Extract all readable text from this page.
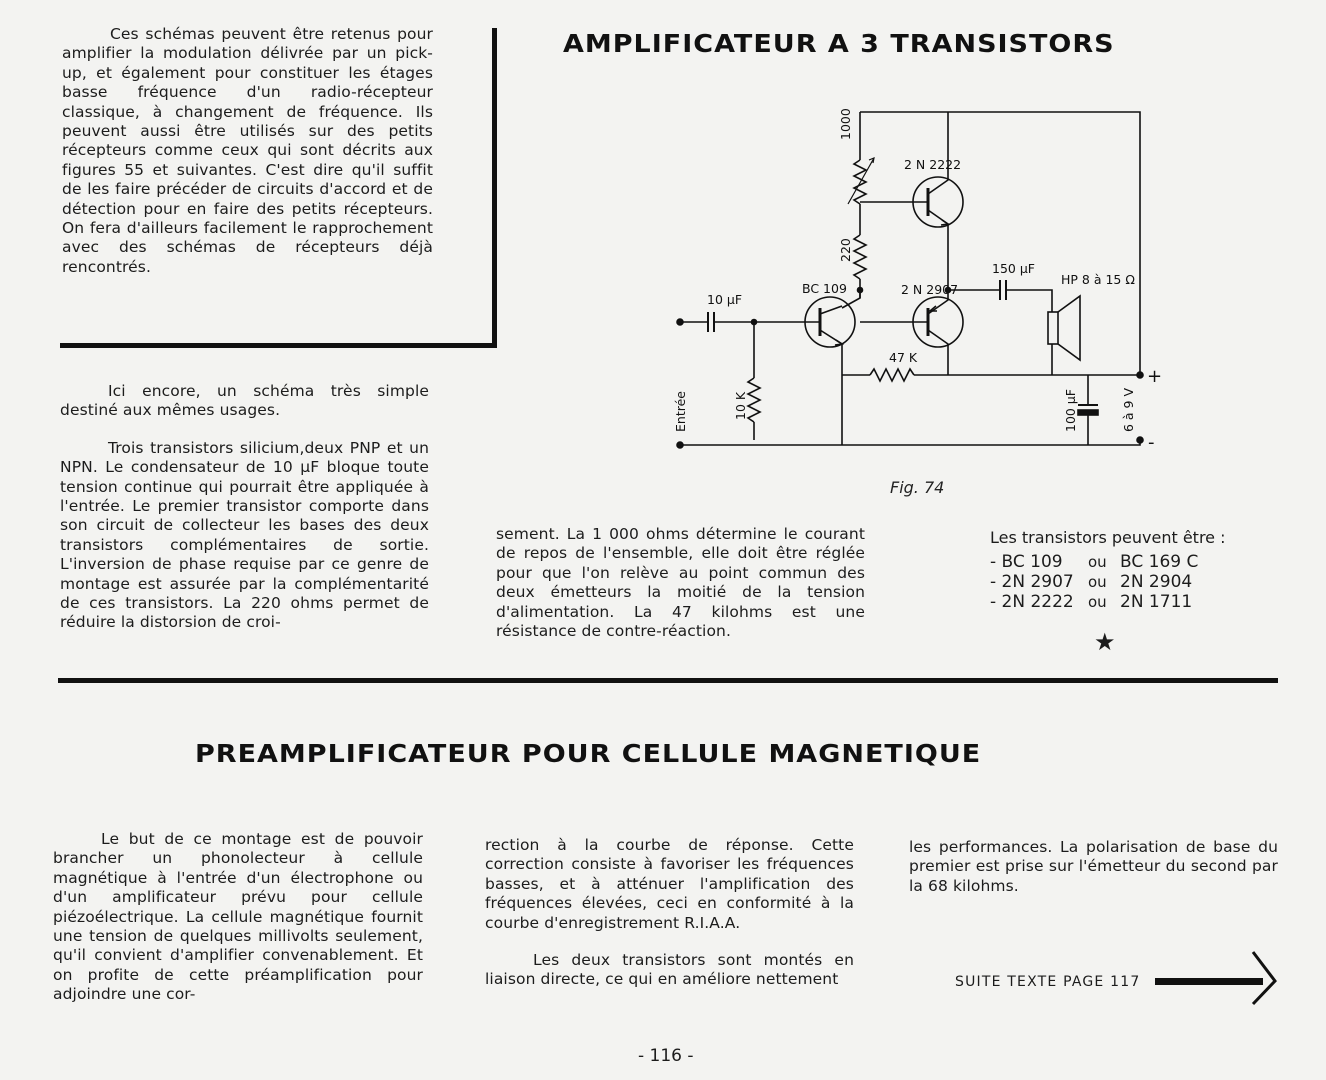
Ces schémas peuvent être retenus pour amplifier la modulation délivrée par un pick-up, et également pour constituer les étages basse fréquence d'un radio-récepteur classique, à changement de fréquence. Ils peuvent aussi être utilisés sur des petits récepteurs comme ceux qui sont décrits aux figures 55 et suivantes. C'est dire qu'il suffit de les faire précéder de circuits d'accord et de détection pour en faire des petits récepteurs. On fera d'ailleurs facilement le rapprochement avec des schémas de récepteurs déjà rencontrés.

AMPLIFICATEUR A 3 TRANSISTORS

Ici encore, un schéma très simple destiné aux mêmes usages.

Trois transistors silicium,deux PNP et un NPN. Le condensateur de 10 µF bloque toute tension continue qui pourrait être appliquée à l'entrée. Le premier transistor comporte dans son circuit de collecteur les bases des deux transistors complémentaires de sortie. L'inversion de phase requise par ce genre de montage est assurée par la complémentarité de ces transistors. La 220 ohms permet de réduire la distorsion de croi-

sement. La 1 000 ohms détermine le courant de repos de l'ensemble, elle doit être réglée pour que l'on relève au point commun des deux émetteurs la moitié de la tension d'alimentation. La 47 kilohms est une résistance de contre-réaction.

Les transistors peuvent être :
- BC 109	ou BC 169 C
- 2N 2907 ou 2N 2904
- 2N 2222 ou 2N 1711
★
1000
220
2 N 2222
2 N 2907
BC 109
10 µF
150 µF
HP 8 à 15 Ω
47 K
10 K
Entrée	100 µF	6 à 9 V
+
-
Fig. 74
PREAMPLIFICATEUR POUR CELLULE MAGNETIQUE

Le but de ce montage est de pouvoir brancher un phonolecteur à cellule magnétique à l'entrée d'un électrophone ou d'un amplificateur prévu pour cellule piézoélectrique. La cellule magnétique fournit une tension de quelques millivolts seulement, qu'il convient d'amplifier convenablement. Et on profite de cette préamplification pour adjoindre une cor-

rection à la courbe de réponse. Cette correction consiste à favoriser les fréquences basses, et à atténuer l'amplification des fréquences élevées, ceci en conformité à la courbe d'enregistrement R.I.A.A.

Les deux transistors sont montés en liaison directe, ce qui en améliore nettement

les performances. La polarisation de base du premier est prise sur l'émetteur du second par la 68 kilohms.

SUITE TEXTE PAGE 117
- 116 -
